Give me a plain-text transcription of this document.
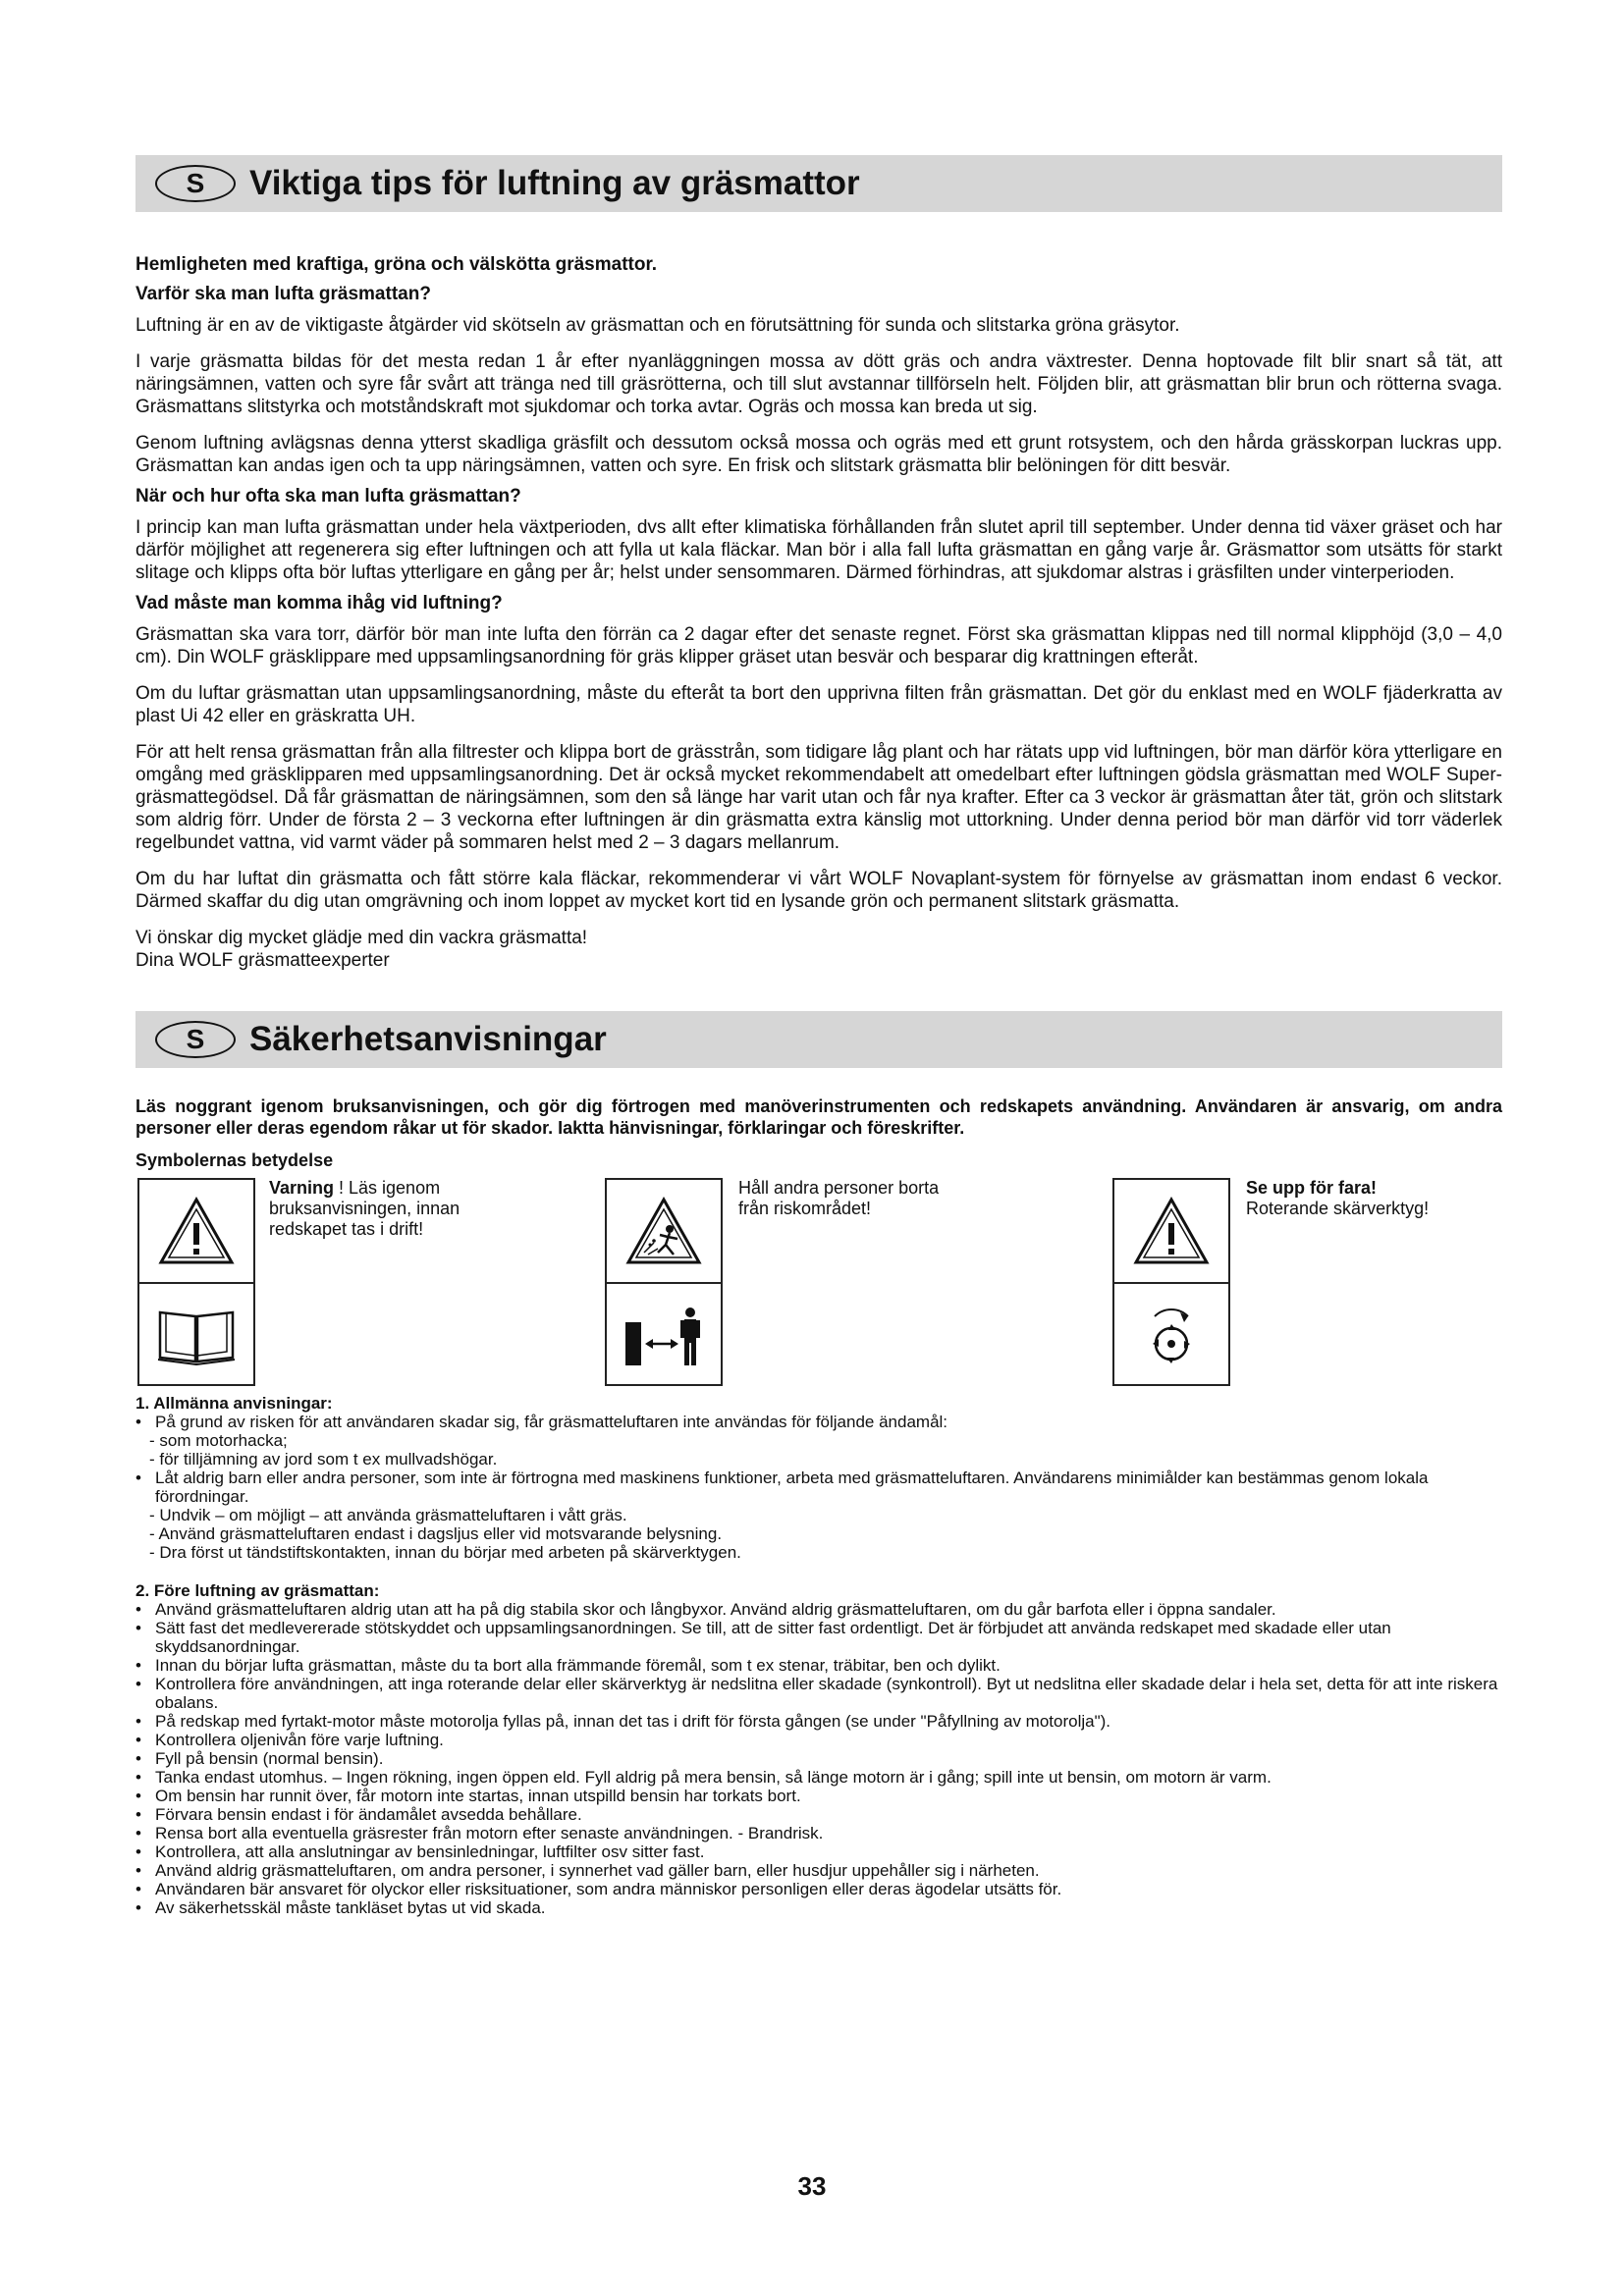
S	Viktiga tips för luftning av gräsmattor
Hemligheten med kraftiga, gröna och välskötta gräsmattor.
Varför ska man lufta gräsmattan?

Luftning är en av de viktigaste åtgärder vid skötseln av gräsmattan och en förutsättning för sunda och slitstarka gröna gräsytor.

I varje gräsmatta bildas för det mesta redan 1 år efter nyanläggningen mossa av dött gräs och andra växtrester. Denna hoptovade filt blir snart så tät, att näringsämnen, vatten och syre får svårt att tränga ned till gräsrötterna, och till slut avstannar tillförseln helt. Följden blir, att gräsmattan blir brun och rötterna svaga. Gräsmattans slitstyrka och motståndskraft mot sjukdomar och torka avtar. Ogräs och mossa kan breda ut sig.

Genom luftning avlägsnas denna ytterst skadliga gräsfilt och dessutom också mossa och ogräs med ett grunt rotsystem, och den hårda grässkorpan luckras upp. Gräsmattan kan andas igen och ta upp näringsämnen, vatten och syre. En frisk och slitstark gräsmatta blir belöningen för ditt besvär.

När och hur ofta ska man lufta gräsmattan?

I princip kan man lufta gräsmattan under hela växtperioden, dvs allt efter klimatiska förhållanden från slutet april till september. Under denna tid växer gräset och har därför möjlighet att regenerera sig efter luftningen och att fylla ut kala fläckar. Man bör i alla fall lufta gräsmattan en gång varje år. Gräsmattor som utsätts för starkt slitage och klipps ofta bör luftas ytterligare en gång per år; helst under sensommaren. Därmed förhindras, att sjukdomar alstras i gräsfilten under vinterperioden.

Vad måste man komma ihåg vid luftning?

Gräsmattan ska vara torr, därför bör man inte lufta den förrän ca 2 dagar efter det senaste regnet. Först ska gräsmattan klippas ned till normal klipphöjd (3,0 – 4,0 cm). Din WOLF gräsklippare med uppsamlingsanordning för gräs klipper gräset utan besvär och besparar dig krattningen efteråt.

Om du luftar gräsmattan utan uppsamlingsanordning, måste du efteråt ta bort den upprivna filten från gräsmattan. Det gör du enklast med en WOLF fjäderkratta av plast Ui 42 eller en gräskratta UH.

För att helt rensa gräsmattan från alla filtrester och klippa bort de grässtrån, som tidigare låg plant och har rätats upp vid luftningen, bör man därför köra ytterligare en omgång med gräsklipparen med uppsamlingsanordning. Det är också mycket rekommendabelt att omedelbart efter luftningen gödsla gräsmattan med WOLF Super-gräsmattegödsel. Då får gräsmattan de näringsämnen, som den så länge har varit utan och får nya krafter. Efter ca 3 veckor är gräsmattan åter tät, grön och slitstark som aldrig förr. Under de första 2 – 3 veckorna efter luftningen är din gräsmatta extra känslig mot uttorkning. Under denna period bör man därför vid torr väderlek regelbundet vattna, vid varmt väder på sommaren helst med 2 – 3 dagars mellanrum.

Om du har luftat din gräsmatta och fått större kala fläckar, rekommenderar vi vårt WOLF Novaplant-system för förnyelse av gräsmattan inom endast 6 veckor. Därmed skaffar du dig utan omgrävning och inom loppet av mycket kort tid en lysande grön och permanent slitstark gräsmatta.

Vi önskar dig mycket glädje med din vackra gräsmatta!

Dina WOLF gräsmatteexperter

S	Säkerhetsanvisningar

Läs noggrant igenom bruksanvisningen, och gör dig förtrogen med manöverinstrumenten och redskapets användning. Användaren är ansvarig, om andra personer eller deras egendom råkar ut för skador. Iaktta hänvisningar, förklaringar och föreskrifter.

Symbolernas betydelse
Varning ! Läs igenom bruksanvisningen, innan redskapet tas i drift!
Håll andra personer borta från riskområdet!
Se upp för fara!
Roterande skärverktyg!
1. Allmänna anvisningar:
• På grund av risken för att användaren skadar sig, får gräsmatteluftaren inte användas för följande ändamål:
- som motorhacka;
- för tilljämning av jord som t ex mullvadshögar.
• Låt aldrig barn eller andra personer, som inte är förtrogna med maskinens funktioner, arbeta med gräsmatteluftaren. Användarens minimiålder kan bestämmas genom lokala förordningar.
- Undvik – om möjligt – att använda gräsmatteluftaren i vått gräs.
- Använd gräsmatteluftaren endast i dagsljus eller vid motsvarande belysning.
- Dra först ut tändstiftskontakten, innan du börjar med arbeten på skärverktygen.
2. Före luftning av gräsmattan:
• Använd gräsmatteluftaren aldrig utan att ha på dig stabila skor och långbyxor. Använd aldrig gräsmatteluftaren, om du går barfota eller i öppna sandaler.
• Sätt fast det medlevererade stötskyddet och uppsamlingsanordningen. Se till, att de sitter fast ordentligt. Det är förbjudet att använda redskapet med skadade eller utan skyddsanordningar.
• Innan du börjar lufta gräsmattan, måste du ta bort alla främmande föremål, som t ex stenar, träbitar, ben och dylikt.
• Kontrollera före användningen, att inga roterande delar eller skärverktyg är nedslitna eller skadade (synkontroll). Byt ut nedslitna eller skadade delar i hela set, detta för att inte riskera obalans.
• På redskap med fyrtakt-motor måste motorolja fyllas på, innan det tas i drift för första gången (se under "Påfyllning av motorolja").
• Kontrollera oljenivån före varje luftning.
• Fyll på bensin (normal bensin).
• Tanka endast utomhus. – Ingen rökning, ingen öppen eld. Fyll aldrig på mera bensin, så länge motorn är i gång; spill inte ut bensin, om motorn är varm.
• Om bensin har runnit över, får motorn inte startas, innan utspilld bensin har torkats bort.
• Förvara bensin endast i för ändamålet avsedda behållare.
• Rensa bort alla eventuella gräsrester från motorn efter senaste användningen. - Brandrisk.
• Kontrollera, att alla anslutningar av bensinledningar, luftfilter osv sitter fast.
• Använd aldrig gräsmatteluftaren, om andra personer, i synnerhet vad gäller barn, eller husdjur uppehåller sig i närheten.
• Användaren bär ansvaret för olyckor eller risksituationer, som andra människor personligen eller deras ägodelar utsätts för.
• Av säkerhetsskäl måste tankläset bytas ut vid skada.
33
